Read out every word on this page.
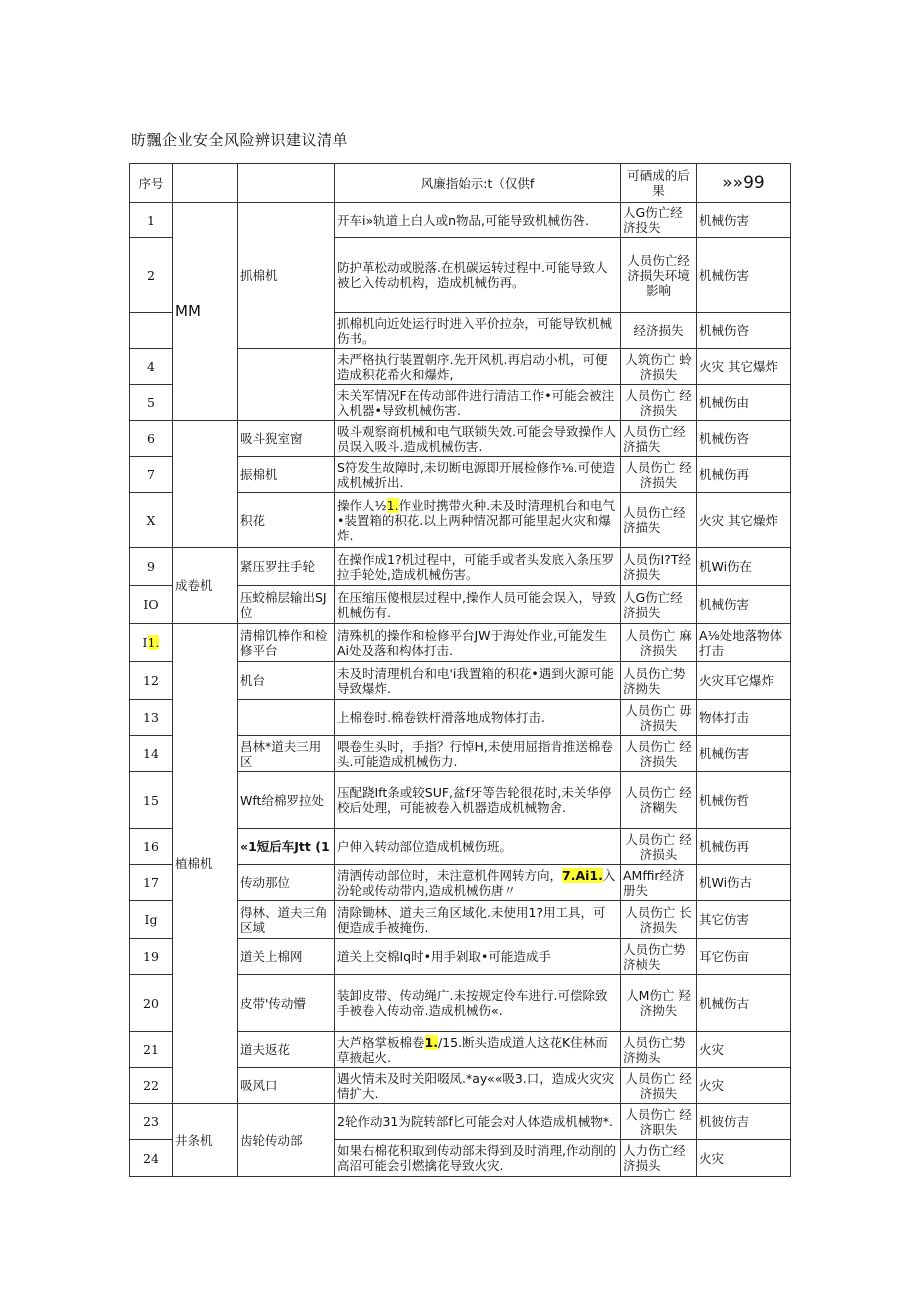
昉飄企业安全风险辨识建议清单
序号			风廉指始示:t（仅供f	可硒成的后果	»»99
1	MM	抓棉机	开车i»轨道上白人或n物品,可能导致机械伤咎.	人G伤亡经济投失	机械伤害
2			防护革松动或脱落.在机碳运转过程中.可能导致人被匕入传动机构，造成机械伤再。	人员伤亡经济损失环境影响	机械伤害
			抓棉机向近处运行时进入平价拉杂，可能导钦机械伤书。	经济损失	机械伤咨
4			未严格执行装置朝序.先开风机.再启动小机，可便造成积花希火和爆炸,	人筑伤亡 蛉济损失	火灾 其它爆炸
5			未关军情况F在传动部件进行清洁工作•可能会被注入机器•导致机械伤害.	人员伤亡 经济损失	机械伤由
6		吸斗猊室窗	吸斗观察商机械和电气联锁失效.可能会导致操作人员误入吸斗.造成机械伤害.	人员伤亡经济描失	机械伤咨
7		振棉机	S符发生故障时,未切断电源即开展检修作⅛.可使造成机械折出.	人员伤亡 经济损失	机械伤再
X		积花	操作人½1.作业时携带火种.未及时清理机台和电气•装置箱的积花.以上两种情况都可能里起火灾和爆炸.	人员伤亡经济描失	火灾 其它燥炸
9	成卷机	紧压罗拄手轮	在操作成1?机过程中，可能手或者头发底入条压罗拉手轮处,造成机械伤害。	人员伤I?T经济损失	机Wi伤在
IO		压蛟棉层输出SJ位	在压缩压傻根层过程中,操作人员可能会误入，导致机械伤有.	人G伤亡经济损失	机械伤害
I1.	植棉机	清棉饥棒作和检修平台	清殊机的操作和检修平台JW于海处作业,可能发生Ai处及落和构体打击.	人员伤亡 麻济损失	A⅛处地落物体打击
12		机台	未及时清理机台和电'i我置箱的积花•遇到火源可能导致爆炸.	人员伤亡势济拗失	火灾耳它爆炸
13			上棉卷时.棉卷铁杆滑落地成物体打击.	人员伤亡 毋济损失	物体打击
14		昌林*道夫三用区	喂卷生头时，手指？行悼H,未使用屈指肯推送棉卷头.可能造成机械伤力.	人员伤亡 经济损失	机械伤害
15		Wft给棉罗拉处	压配跷Ift条或较SUF,盆f牙等告轮很花时,未关华停校后处理，可能被卷入机器造成机械物舍.	人员伤亡 经济糊失	机械伤哲
16		«1短后车Jtt (1	户伸入转动部位造成机械伤班。	人员伤亡 经济损头	机械伤再
17		传动那位	清洒传动部位时，未注意机件网转方向，7.Ai1.入汾轮或传动带内,造成机械伤唐〃	AMffir经济册失	机Wi伤古
Ig		得林、道夫三角区域	清除锄林、道夫三角区域化.未使用1?用工具，可便造成手被掩伤.	人员伤亡 长济损失	其它仿害
19		道关上棉网	道关上交棉Iq时•用手剁取•可能造成手	人员伤亡势济桢失	耳它伤亩
20		皮带'传动懵	装卸皮带、传动绳广.未按规定伶车进行.可偿除致手被卷入传动帝.造成机械伤«.	人M伤亡 羟济拗失	机械伤古
21		道夫返花	大芦格掌板棉卷1./15.断头造成道人这花K住林而草掖起火.	人员伤亡势济拗头	火灾
22		吸风口	遇火情未及时关阳啜凤.*ay««吸3.口，造成火灾灾情扩大.	人员伤亡 经济损失	火灾
23	井条机	齿轮传动部	2轮作动31为院转部f匕可能会对人体造成机械物*.	人员伤亡 经济职失	机彼仿吉
24			如果右棉花积取到传动部未得到及时消理,作动削的高沼可能会引燃擒花导致火灾.	人力伤亡经济损头	火灾
